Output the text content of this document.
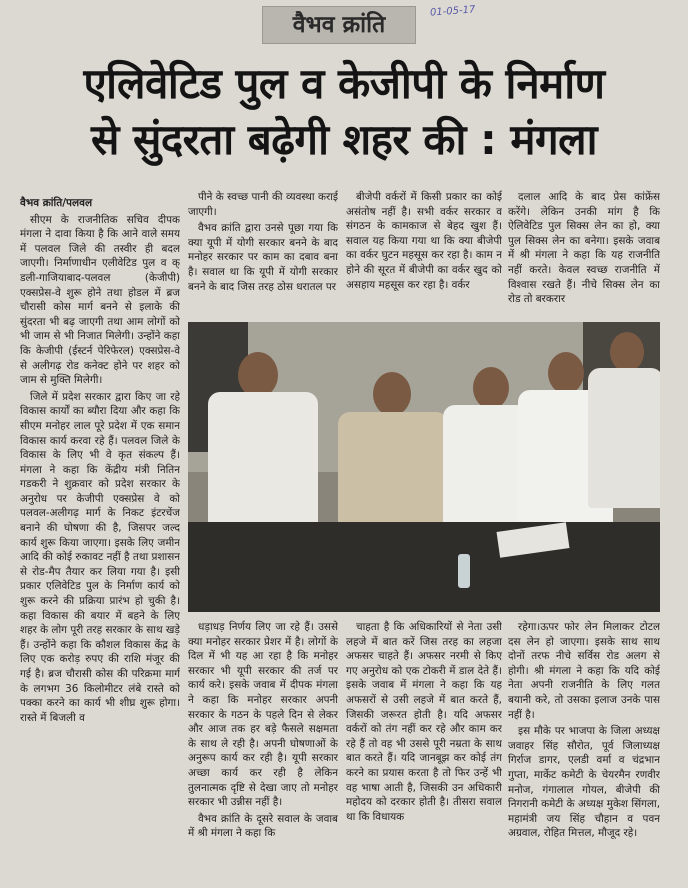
वैभव क्रांति	01-05-17
एलिवेटिड पुल व केजीपी के निर्माण
से सुंदरता बढ़ेगी शहर की : मंगला
वैभव क्रांति/पलवल

सीएम के राजनीतिक सचिव दीपक मंगला ने दावा किया है कि आने वाले समय में पलवल जिले की तस्वीर ही बदल जाएगी। निर्माणाधीन एलीवेटिड पुल व क् डली-गाजियाबाद-पलवल (केजीपी) एक्सप्रेस-वे शुरू होने तथा होडल में ब्रज चौरासी कोस मार्ग बनने से इलाके की सुंदरता भी बढ़ जाएगी तथा आम लोगों को भी जाम से भी निजात मिलेगी। उन्होंने कहा कि केजीपी (ईस्टर्न पेरिफेरल) एक्सप्रेस-वे से अलीगढ़ रोड कनेक्ट होने पर शहर को जाम से मुक्ति मिलेगी।

जिले में प्रदेश सरकार द्वारा किए जा रहे विकास कार्यों का ब्यौरा दिया और कहा कि सीएम मनोहर लाल पूरे प्रदेश में एक समान विकास कार्य करवा रहे हैं। पलवल जिले के विकास के लिए भी वे कृत संकल्प हैं। मंगला ने कहा कि केंद्रीय मंत्री नितिन गडकरी ने शुक्रवार को प्रदेश सरकार के अनुरोध पर केजीपी एक्सप्रेस वे को पलवल-अलीगढ़ मार्ग के निकट इंटरचेंज बनाने की घोषणा की है, जिसपर जल्द कार्य शुरू किया जाएगा। इसके लिए जमीन आदि की कोई रुकावट नहीं है तथा प्रशासन से रोड-मैप तैयार कर लिया गया है। इसी प्रकार एलिवेटिड पुल के निर्माण कार्य को शुरू करने की प्रक्रिया प्रारंभ हो चुकी है। कहा विकास की बयार में बहने के लिए शहर के लोग पूरी तरह सरकार के साथ खड़े हैं। उन्होंने कहा कि कौशल विकास केंद्र के लिए एक करोड़ रुपए की राशि मंजूर की गई है। ब्रज चौरासी कोस की परिक्रमा मार्ग के लगभग 36 किलोमीटर लंबे रास्ते को पक्का करने का कार्य भी शीघ्र शुरू होगा। रास्ते में बिजली व

पीने के स्वच्छ पानी की व्यवस्था कराई जाएगी।

वैभव क्रांति द्वारा उनसे पूछा गया कि क्या यूपी में योगी सरकार बनने के बाद मनोहर सरकार पर काम का दबाव बना है। सवाल था कि यूपी में योगी सरकार बनने के बाद जिस तरह ठोस धरातल पर

बीजेपी वर्करों में किसी प्रकार का कोई असंतोष नहीं है। सभी वर्कर सरकार व संगठन के कामकाज से बेहद खुश हैं। सवाल यह किया गया था कि क्या बीजेपी का वर्कर घुटन महसूस कर रहा है। काम न होने की सूरत में बीजेपी का वर्कर खुद को असहाय महसूस कर रहा है। वर्कर

दलाल आदि के बाद प्रेस कांफ्रेंस करेंगे। लेकिन उनकी मांग है कि ऐलिवेटिड पुल सिक्स लेन का हो, क्या पुल सिक्स लेन का बनेगा। इसके जवाब में श्री मंगला ने कहा कि यह राजनीति नहीं करते। केवल स्वच्छ राजनीति में विश्वास रखते हैं। नीचे सिक्स लेन का रोड तो बरकरार

धड़ाधड़ निर्णय लिए जा रहे हैं। उससे क्या मनोहर सरकार प्रेशर में है। लोगों के दिल में भी यह आ रहा है कि मनोहर सरकार भी यूपी सरकार की तर्ज पर कार्य करे। इसके जवाब में दीपक मंगला ने कहा कि मनोहर सरकार अपनी सरकार के गठन के पहले दिन से लेकर और आज तक हर बड़े फैसले सक्षमता के साथ ले रही है। अपनी घोषणाओं के अनुरूप कार्य कर रही है। यूपी सरकार अच्छा कार्य कर रही है लेकिन तुलनात्मक दृष्टि से देखा जाए तो मनोहर सरकार भी उन्नीस नहीं है।

वैभव क्रांति के दूसरे सवाल के जवाब में श्री मंगला ने कहा कि

चाहता है कि अधिकारियों से नेता उसी लहजे में बात करें जिस तरह का लहजा अफसर चाहते हैं। अफसर नरमी से किए गए अनुरोध को एक टोकरी में डाल देते हैं। इसके जवाब में मंगला ने कहा कि यह अफसरों से उसी लहजे में बात करते हैं, जिसकी जरूरत होती है। यदि अफसर वर्करों को तंग नहीं कर रहे और काम कर रहे हैं तो वह भी उससे पूरी नम्रता के साथ बात करते हैं। यदि जानबूझ कर कोई तंग करने का प्रयास करता है तो फिर उन्हें भी वह भाषा आती है, जिसकी उन अधिकारी महोदय को दरकार होती है। तीसरा सवाल था कि विधायक

रहेगा।ऊपर फोर लेन मिलाकर टोटल दस लेन हो जाएगा। इसके साथ साथ दोनों तरफ नीचे सर्विस रोड अलग से होगी। श्री मंगला ने कहा कि यदि कोई नेता अपनी राजनीति के लिए गलत बयानी करे, तो उसका इलाज उनके पास नहीं है।

इस मौके पर भाजपा के जिला अध्यक्ष जवाहर सिंह सौरोत, पूर्व जिलाध्यक्ष गिर्राज डागर, एलडी वर्मा व चंद्रभान गुप्ता, मार्केट कमेटी के चेयरमैन रणवीर मनोज, गंगालाल गोयल, बीजेपी की निगरानी कमेटी के अध्यक्ष मुकेश सिंगला, महामंत्री जय सिंह चौहान व पवन अग्रवाल, रोहित मित्तल, मौजूद रहे।
